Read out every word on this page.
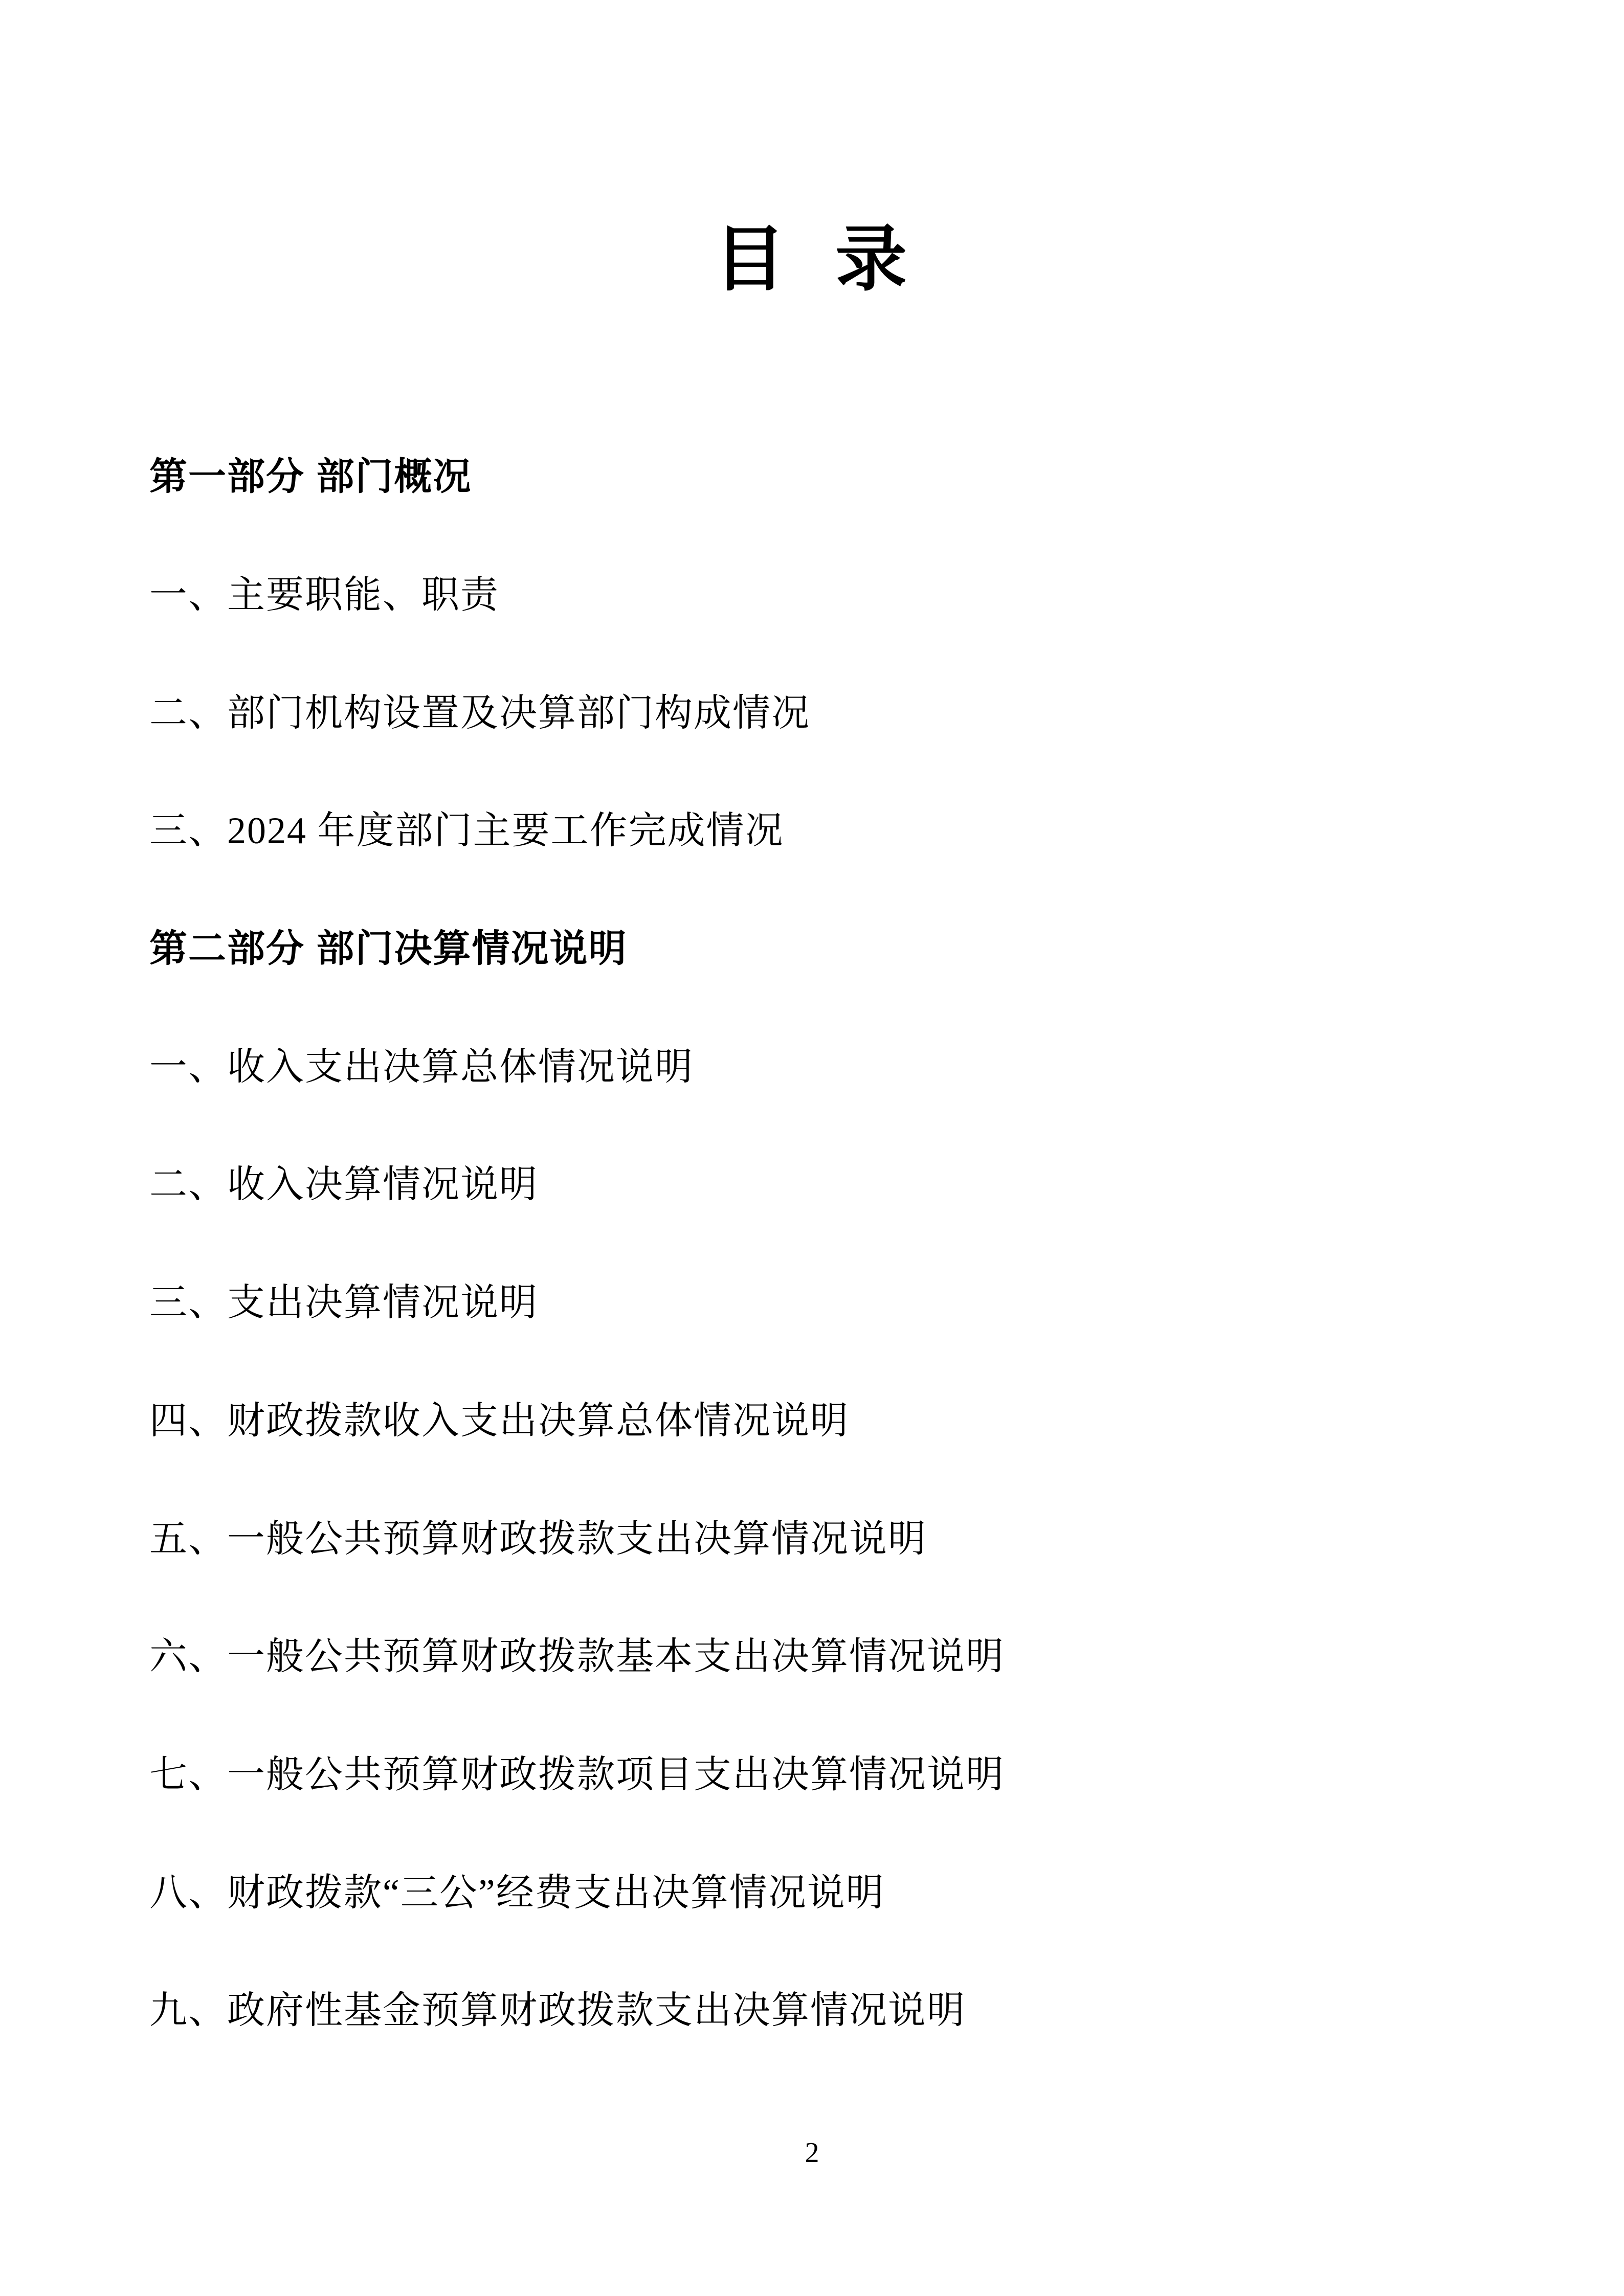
目 录
第一部分 部门概况
一、主要职能、职责
二、部门机构设置及决算部门构成情况
三、2024 年度部门主要工作完成情况
第二部分 部门决算情况说明
一、收入支出决算总体情况说明
二、收入决算情况说明
三、支出决算情况说明
四、财政拨款收入支出决算总体情况说明
五、一般公共预算财政拨款支出决算情况说明
六、一般公共预算财政拨款基本支出决算情况说明
七、一般公共预算财政拨款项目支出决算情况说明
八、财政拨款“三公”经费支出决算情况说明
九、政府性基金预算财政拨款支出决算情况说明
2
